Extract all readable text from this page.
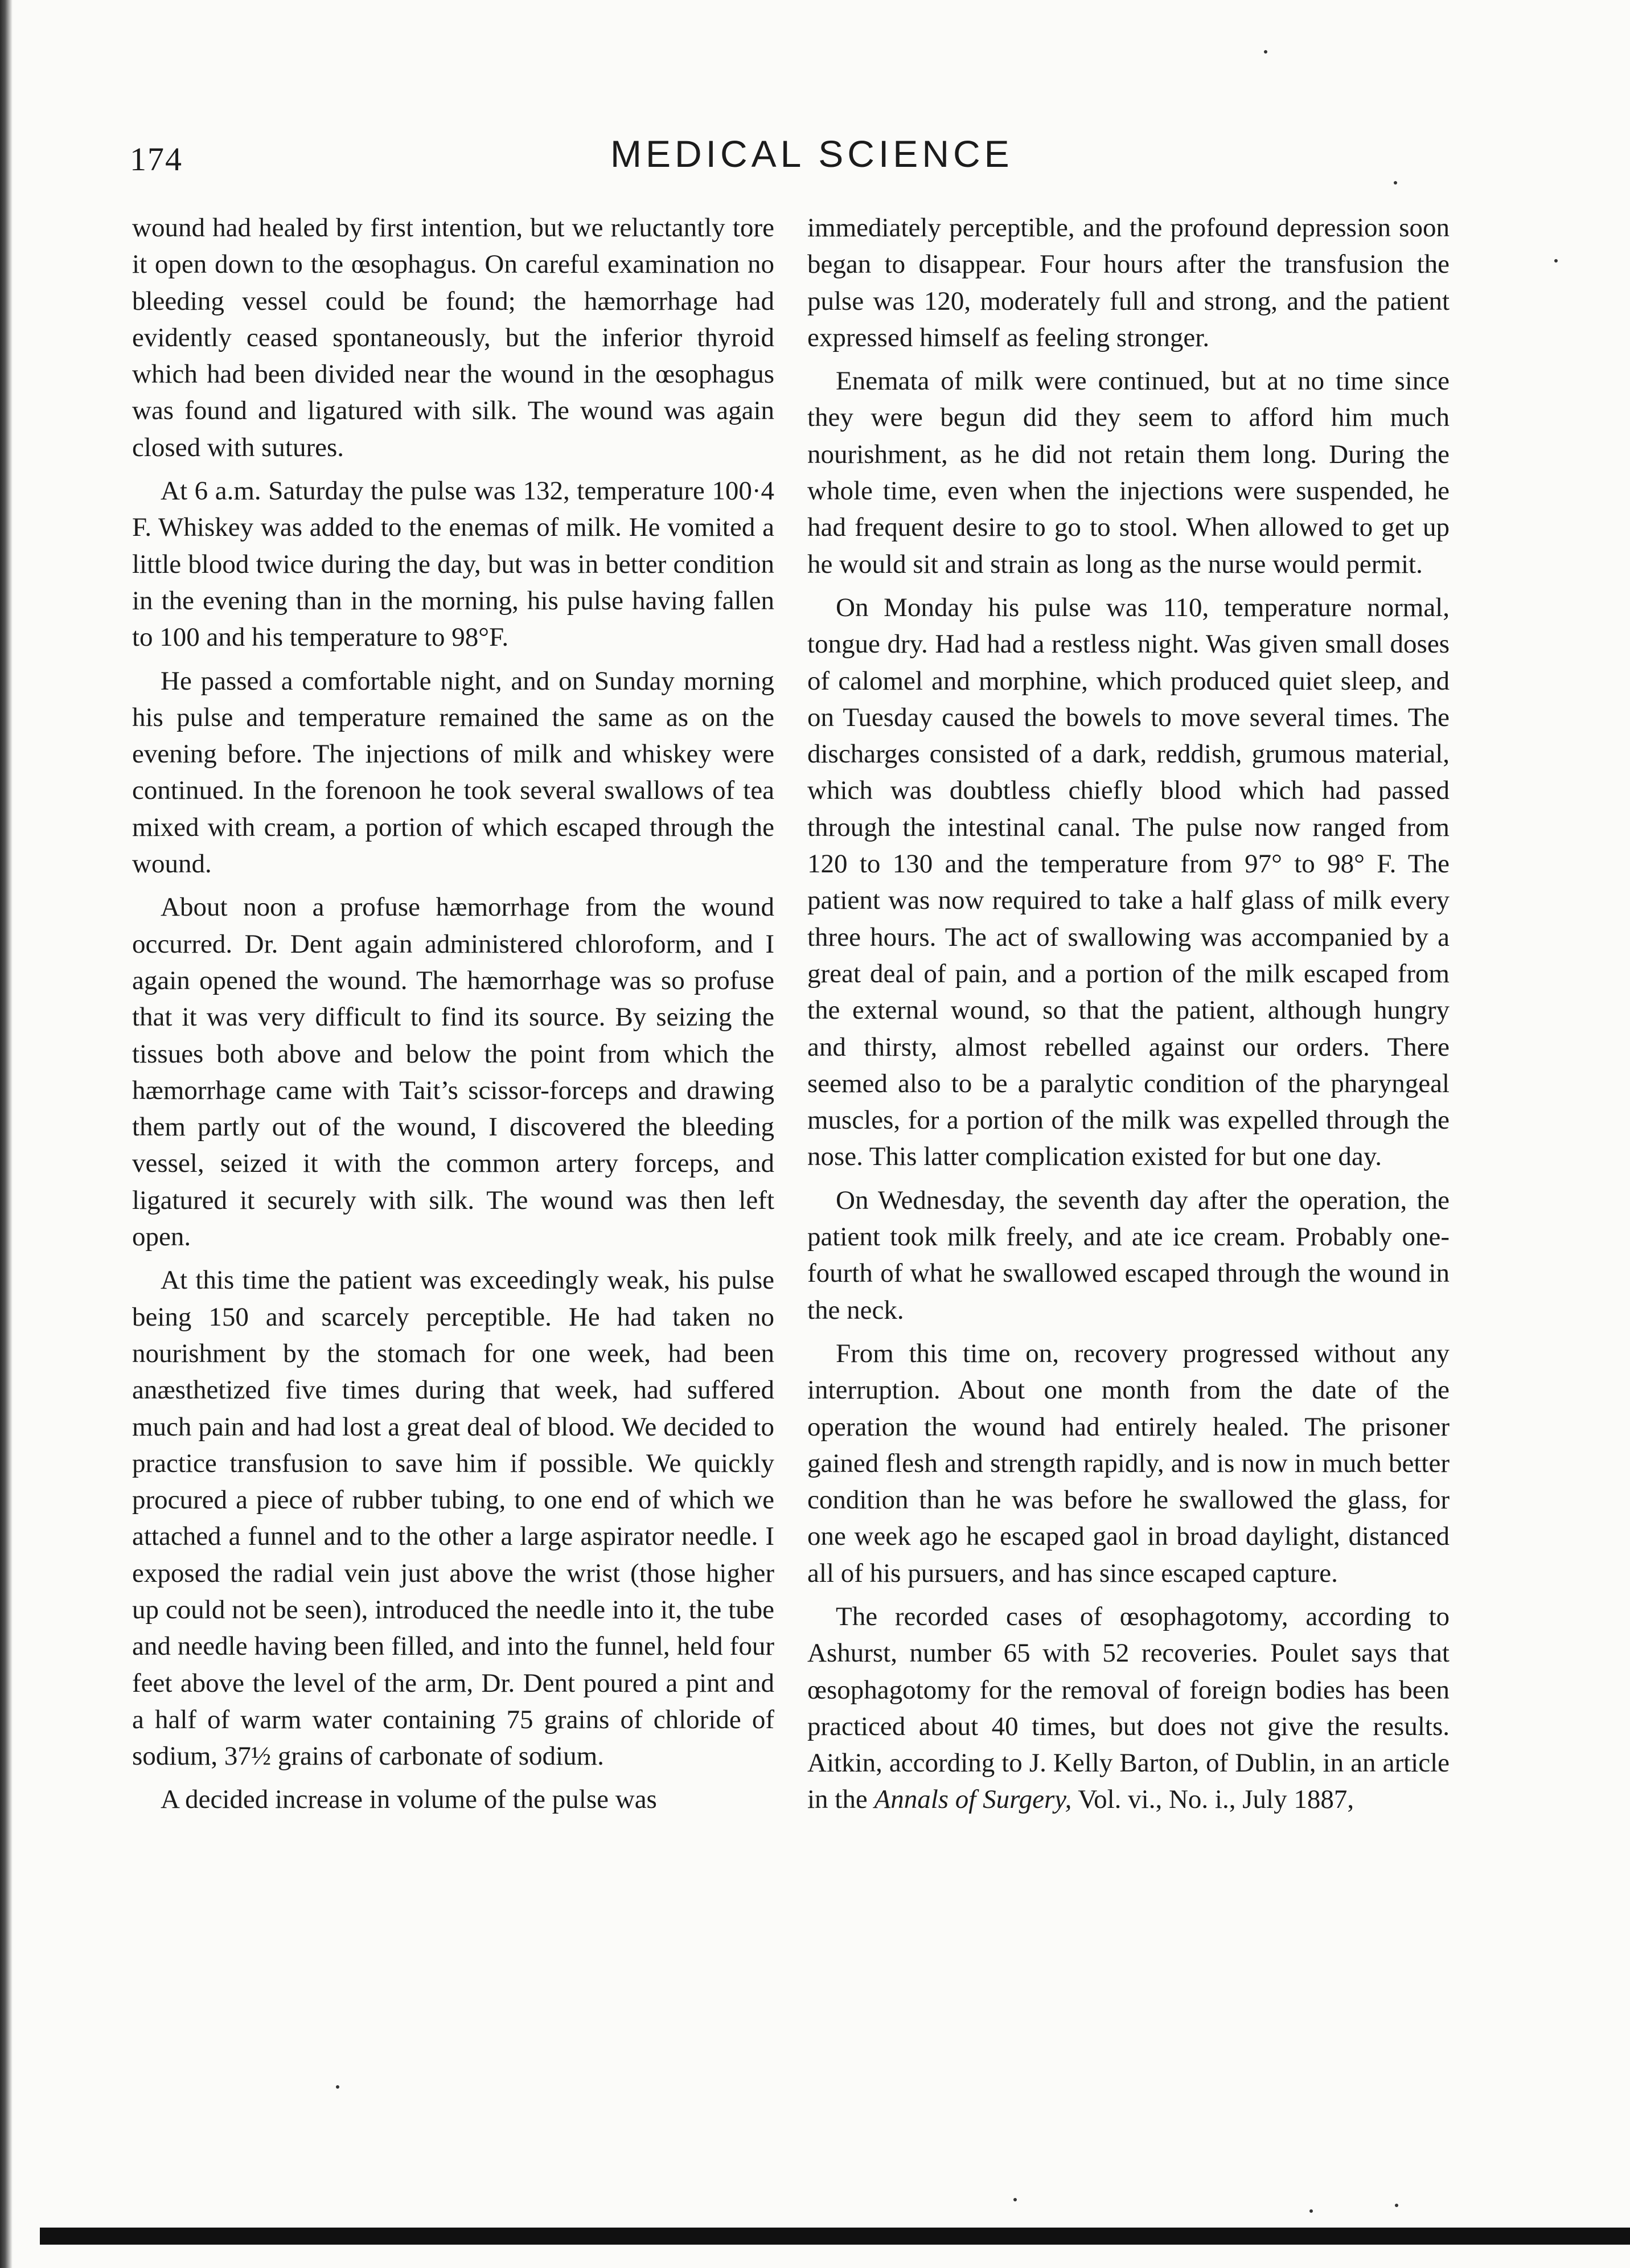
174	MEDICAL SCIENCE

wound had healed by first intention, but we reluctantly tore it open down to the œsophagus. On careful examination no bleeding vessel could be found; the hæmorrhage had evidently ceased spontaneously, but the inferior thyroid which had been divided near the wound in the œsophagus was found and ligatured with silk. The wound was again closed with sutures.

At 6 a.m. Saturday the pulse was 132, temperature 100·4 F. Whiskey was added to the enemas of milk. He vomited a little blood twice during the day, but was in better condition in the evening than in the morning, his pulse having fallen to 100 and his temperature to 98°F.

He passed a comfortable night, and on Sunday morning his pulse and temperature remained the same as on the evening before. The injections of milk and whiskey were continued. In the forenoon he took several swallows of tea mixed with cream, a portion of which escaped through the wound.

About noon a profuse hæmorrhage from the wound occurred. Dr. Dent again administered chloroform, and I again opened the wound. The hæmorrhage was so profuse that it was very difficult to find its source. By seizing the tissues both above and below the point from which the hæmorrhage came with Tait’s scissor-forceps and drawing them partly out of the wound, I discovered the bleeding vessel, seized it with the common artery forceps, and ligatured it securely with silk. The wound was then left open.

At this time the patient was exceedingly weak, his pulse being 150 and scarcely perceptible. He had taken no nourishment by the stomach for one week, had been anæsthetized five times during that week, had suffered much pain and had lost a great deal of blood. We decided to practice transfusion to save him if possible. We quickly procured a piece of rubber tubing, to one end of which we attached a funnel and to the other a large aspirator needle. I exposed the radial vein just above the wrist (those higher up could not be seen), introduced the needle into it, the tube and needle having been filled, and into the funnel, held four feet above the level of the arm, Dr. Dent poured a pint and a half of warm water containing 75 grains of chloride of sodium, 37½ grains of carbonate of sodium.

A decided increase in volume of the pulse was

immediately perceptible, and the profound depression soon began to disappear. Four hours after the transfusion the pulse was 120, moderately full and strong, and the patient expressed himself as feeling stronger.

Enemata of milk were continued, but at no time since they were begun did they seem to afford him much nourishment, as he did not retain them long. During the whole time, even when the injections were suspended, he had frequent desire to go to stool. When allowed to get up he would sit and strain as long as the nurse would permit.

On Monday his pulse was 110, temperature normal, tongue dry. Had had a restless night. Was given small doses of calomel and morphine, which produced quiet sleep, and on Tuesday caused the bowels to move several times. The discharges consisted of a dark, reddish, grumous material, which was doubtless chiefly blood which had passed through the intestinal canal. The pulse now ranged from 120 to 130 and the temperature from 97° to 98° F. The patient was now required to take a half glass of milk every three hours. The act of swallowing was accompanied by a great deal of pain, and a portion of the milk escaped from the external wound, so that the patient, although hungry and thirsty, almost rebelled against our orders. There seemed also to be a paralytic condition of the pharyngeal muscles, for a portion of the milk was expelled through the nose. This latter complication existed for but one day.

On Wednesday, the seventh day after the operation, the patient took milk freely, and ate ice cream. Probably one-fourth of what he swallowed escaped through the wound in the neck.

From this time on, recovery progressed without any interruption. About one month from the date of the operation the wound had entirely healed. The prisoner gained flesh and strength rapidly, and is now in much better condition than he was before he swallowed the glass, for one week ago he escaped gaol in broad daylight, distanced all of his pursuers, and has since escaped capture.

The recorded cases of œsophagotomy, according to Ashurst, number 65 with 52 recoveries. Poulet says that œsophagotomy for the removal of foreign bodies has been practiced about 40 times, but does not give the results. Aitkin, according to J. Kelly Barton, of Dublin, in an article in the Annals of Surgery, Vol. vi., No. i., July 1887,
